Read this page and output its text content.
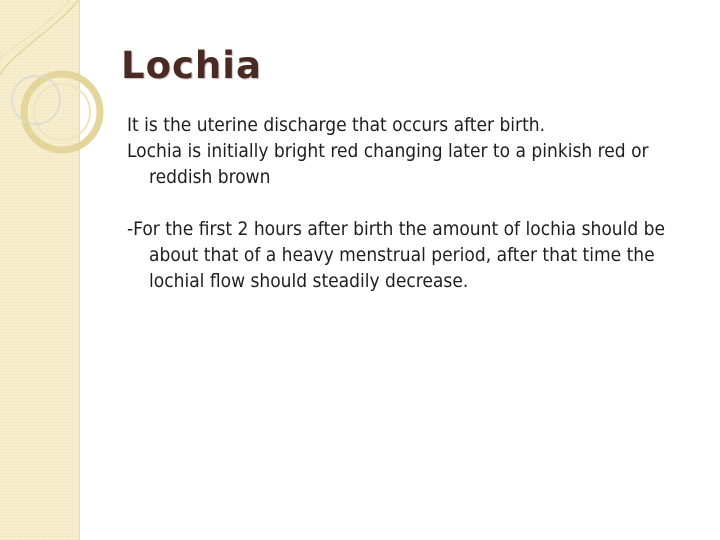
Lochia

It is the uterine discharge that occurs after birth.

Lochia is initially bright red changing later to a pinkish red or reddish brown

-For the first 2 hours after birth the amount of lochia should be about that of a heavy menstrual period, after that time the lochial flow should steadily decrease.
